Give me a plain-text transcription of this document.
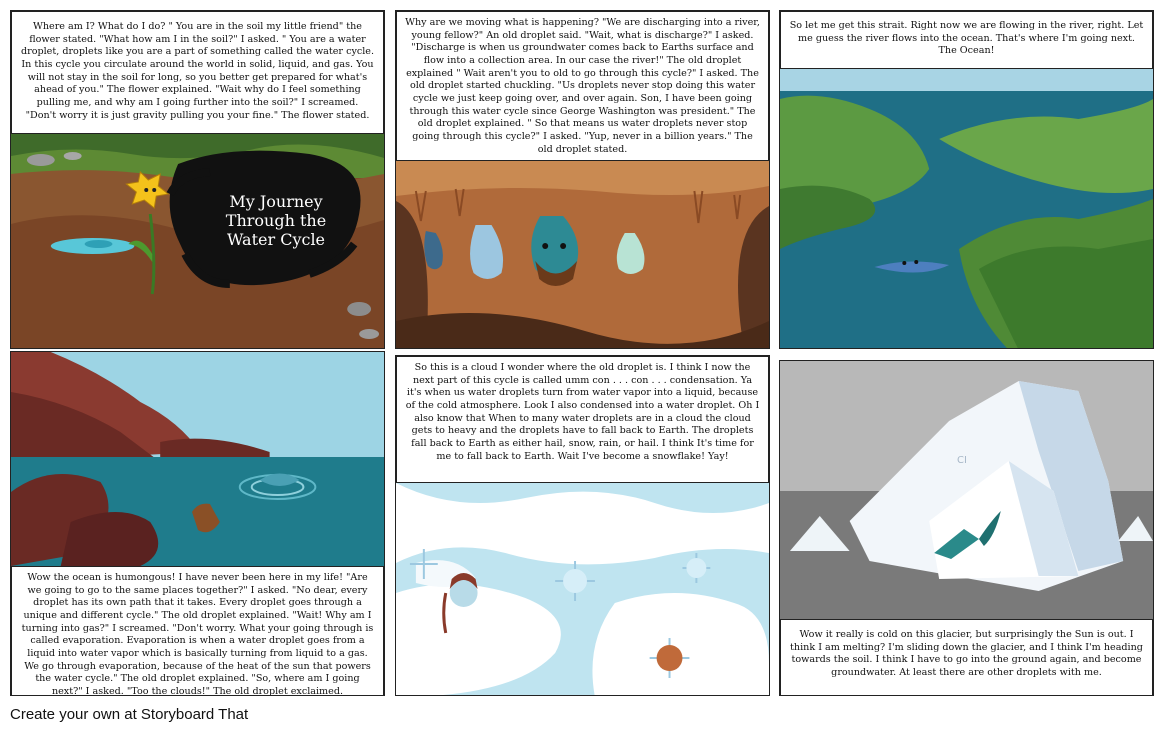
Where am I? What do I do? " You are in the soil my little friend" the flower stated. "What how am I in the soil?" I asked. " You are a water droplet, droplets like you are a part of something called the water cycle. In this cycle you circulate around the world in solid, liquid, and gas. You will not stay in the soil for long, so you better get prepared for what's ahead of you." The flower explained. "Wait why do I feel something pulling me, and why am I going further into the soil?" I screamed. "Don't worry it is just gravity pulling you your fine." The flower stated.
My Journey Through the Water Cycle
Why are we moving what is happening? "We are discharging into a river, young fellow?" An old droplet said. "Wait, what is discharge?" I asked. "Discharge is when us groundwater comes back to Earths surface and flow into a collection area. In our case the river!" The old droplet explained " Wait aren't you to old to go through this cycle?" I asked. The old droplet started chuckling. "Us droplets never stop doing this water cycle we just keep going over, and over again. Son, I have been going through this water cycle since George Washington was president." The old droplet explained. " So that means us water droplets never stop going through this cycle?" I asked. "Yup, never in a billion years." The old droplet stated.
So let me get this strait. Right now we are flowing in the river, right. Let me guess the river flows into the ocean. That's where I'm going next. The Ocean!
Wow the ocean is humongous! I have never been here in my life! "Are we going to go to the same places together?" I asked. "No dear, every droplet has its own path that it takes. Every droplet goes through a unique and different cycle." The old droplet explained. "Wait! Why am I turning into gas?" I screamed. "Don't worry. What your going through is called evaporation. Evaporation is when a water droplet goes from a liquid into water vapor which is basically turning from liquid to a gas. We go through evaporation, because of the heat of the sun that powers the water cycle." The old droplet explained. "So, where am I going next?" I asked. "Too the clouds!" The old droplet exclaimed.
So this is a cloud I wonder where the old droplet is. I think I now the next part of this cycle is called umm con . . . con . . . condensation. Ya it's when us water droplets turn from water vapor into a liquid, because of the cold atmosphere. Look I also condensed into a water droplet. Oh I also know that When to many water droplets are in a cloud the cloud gets to heavy and the droplets have to fall back to Earth. The droplets fall back to Earth as either hail, snow, rain, or hail. I think It's time for me to fall back to Earth. Wait I've become a snowflake! Yay!	CI
Wow it really is cold on this glacier, but surprisingly the Sun is out. I think I am melting? I'm sliding down the glacier, and I think I'm heading towards the soil. I think I have to go into the ground again, and become groundwater. At least there are other droplets with me.
Create your own at Storyboard That
